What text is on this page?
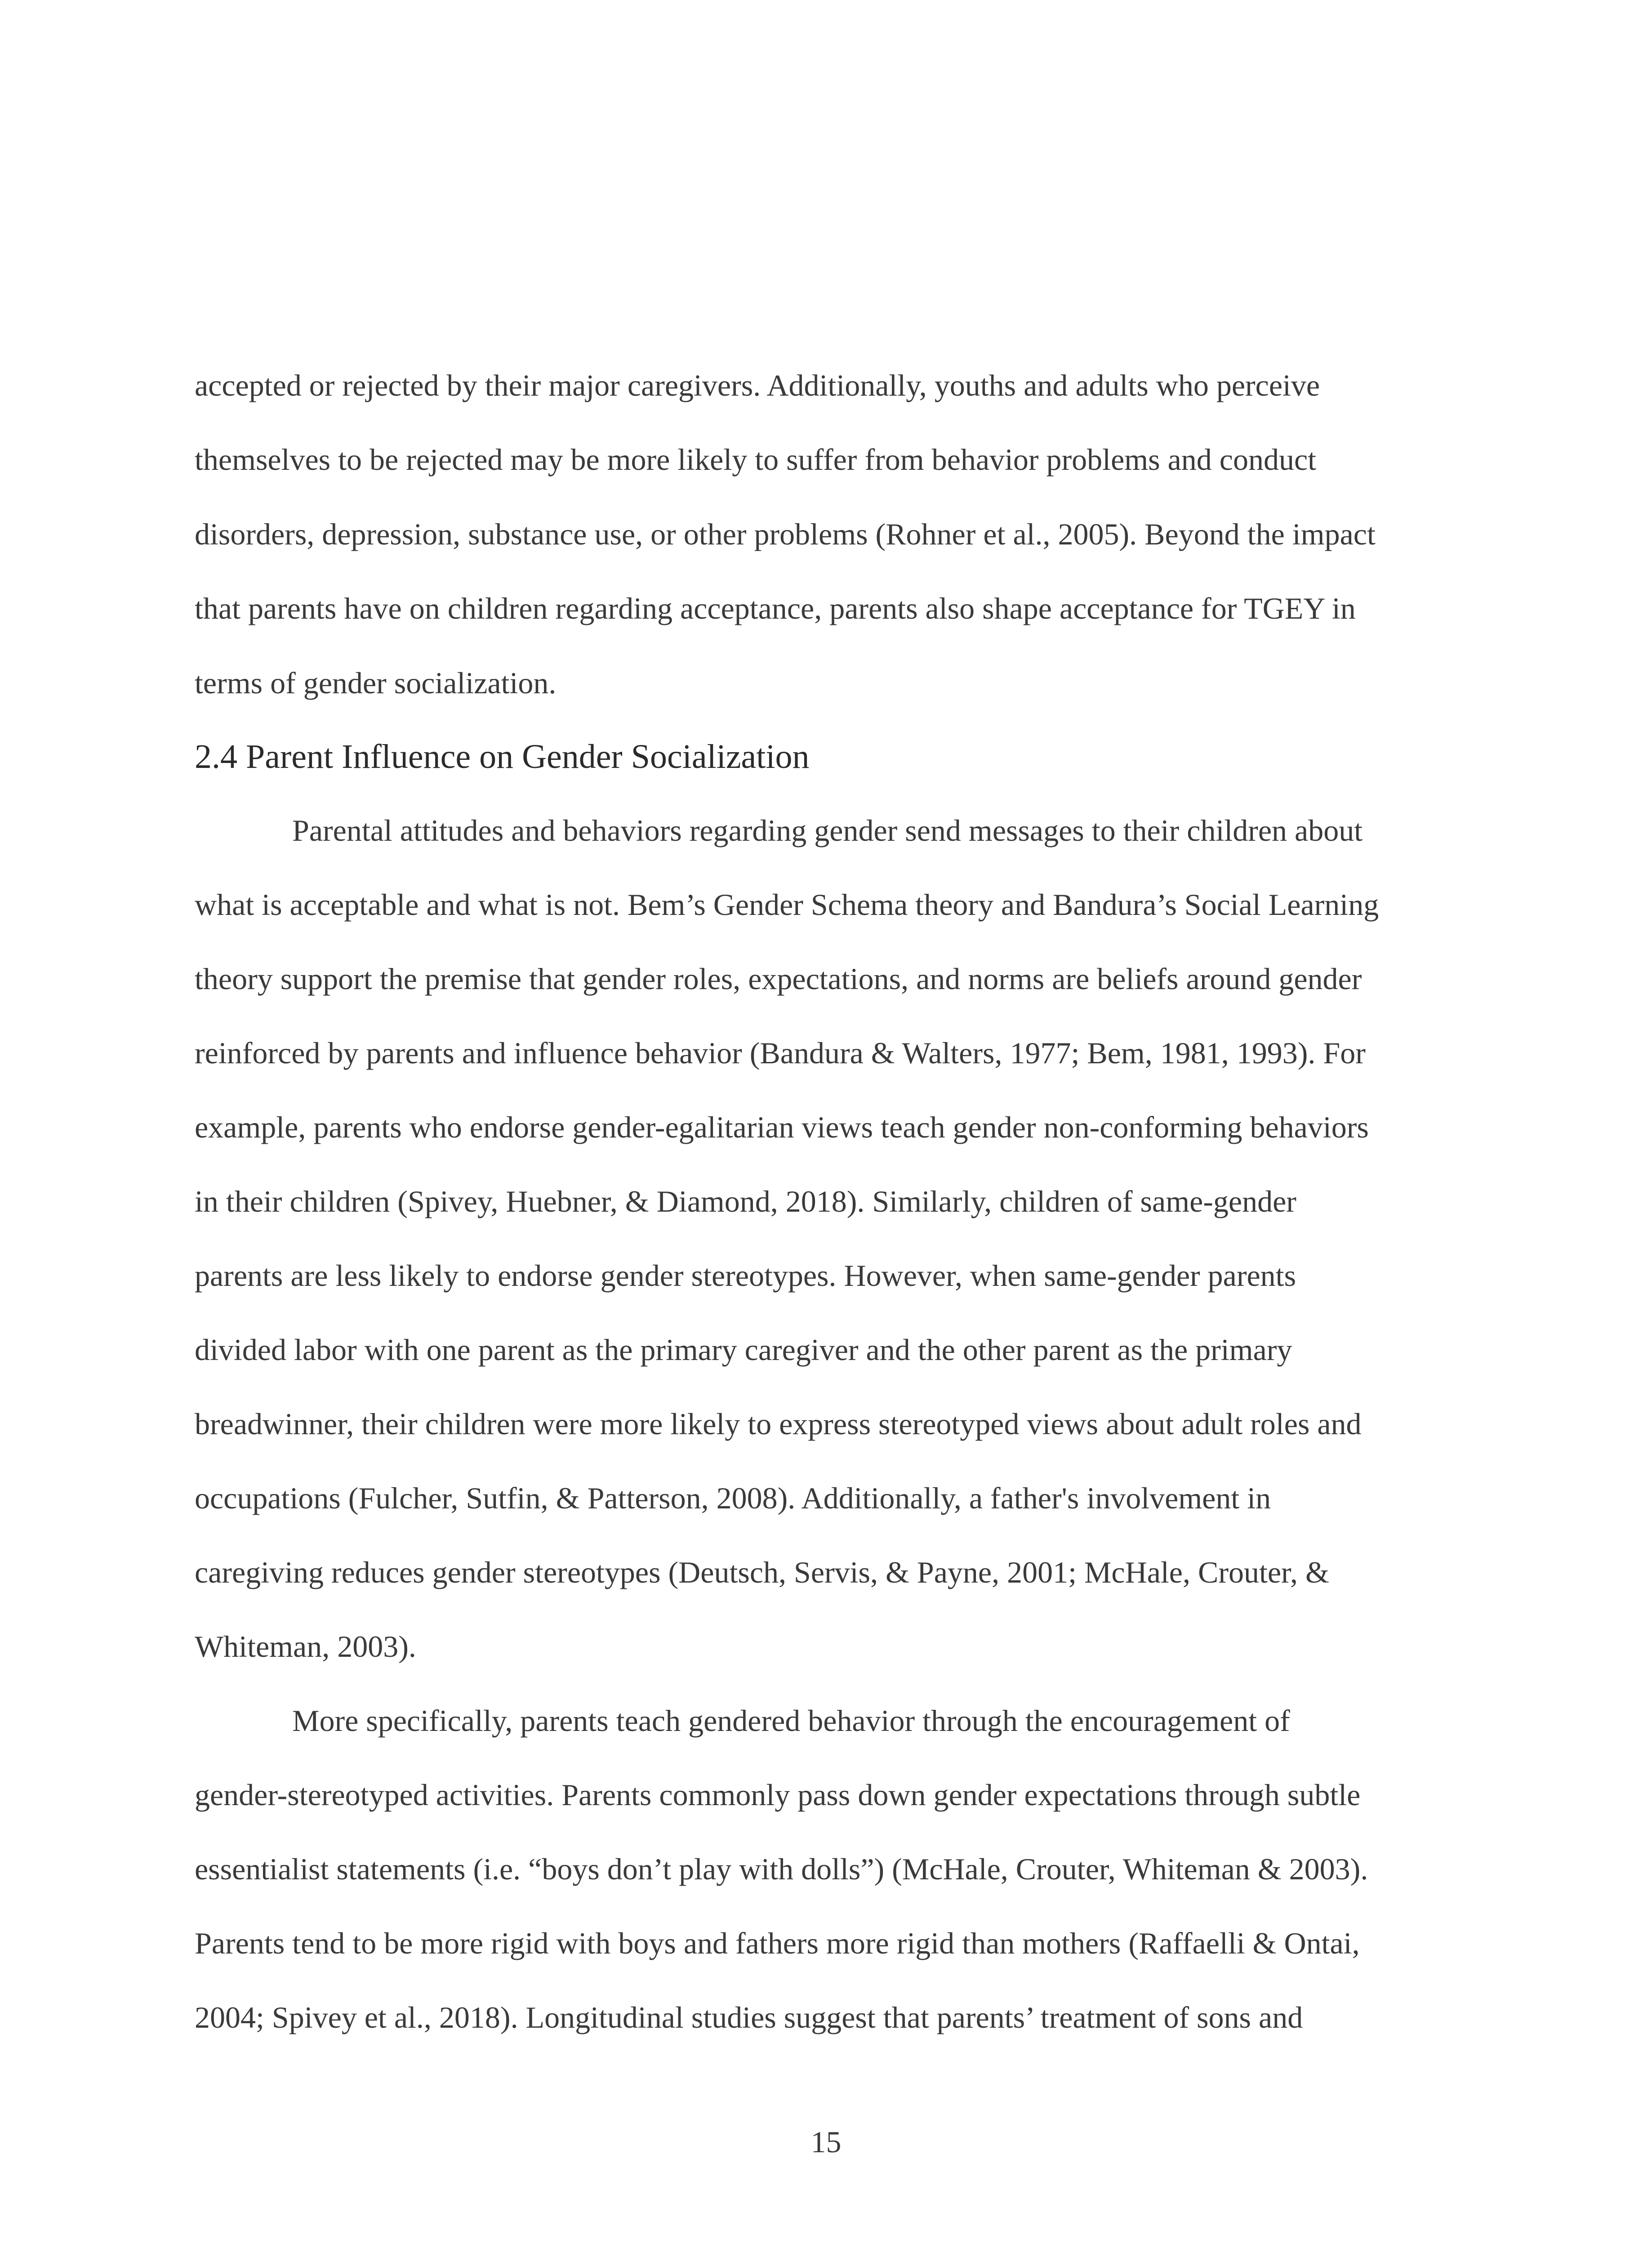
accepted or rejected by their major caregivers. Additionally, youths and adults who perceive
themselves to be rejected may be more likely to suffer from behavior problems and conduct
disorders, depression, substance use, or other problems (Rohner et al., 2005). Beyond the impact
that parents have on children regarding acceptance, parents also shape acceptance for TGEY in
terms of gender socialization.
2.4 Parent Influence on Gender Socialization
Parental attitudes and behaviors regarding gender send messages to their children about
what is acceptable and what is not. Bem’s Gender Schema theory and Bandura’s Social Learning
theory support the premise that gender roles, expectations, and norms are beliefs around gender
reinforced by parents and influence behavior (Bandura & Walters, 1977; Bem, 1981, 1993). For
example, parents who endorse gender-egalitarian views teach gender non-conforming behaviors
in their children (Spivey, Huebner, & Diamond, 2018). Similarly, children of same-gender
parents are less likely to endorse gender stereotypes. However, when same-gender parents
divided labor with one parent as the primary caregiver and the other parent as the primary
breadwinner, their children were more likely to express stereotyped views about adult roles and
occupations (Fulcher, Sutfin, & Patterson, 2008). Additionally, a father's involvement in
caregiving reduces gender stereotypes (Deutsch, Servis, & Payne, 2001; McHale, Crouter, &
Whiteman, 2003).
More specifically, parents teach gendered behavior through the encouragement of
gender-stereotyped activities. Parents commonly pass down gender expectations through subtle
essentialist statements (i.e. “boys don’t play with dolls”) (McHale, Crouter, Whiteman & 2003).
Parents tend to be more rigid with boys and fathers more rigid than mothers (Raffaelli & Ontai,
2004; Spivey et al., 2018). Longitudinal studies suggest that parents’ treatment of sons and
15
